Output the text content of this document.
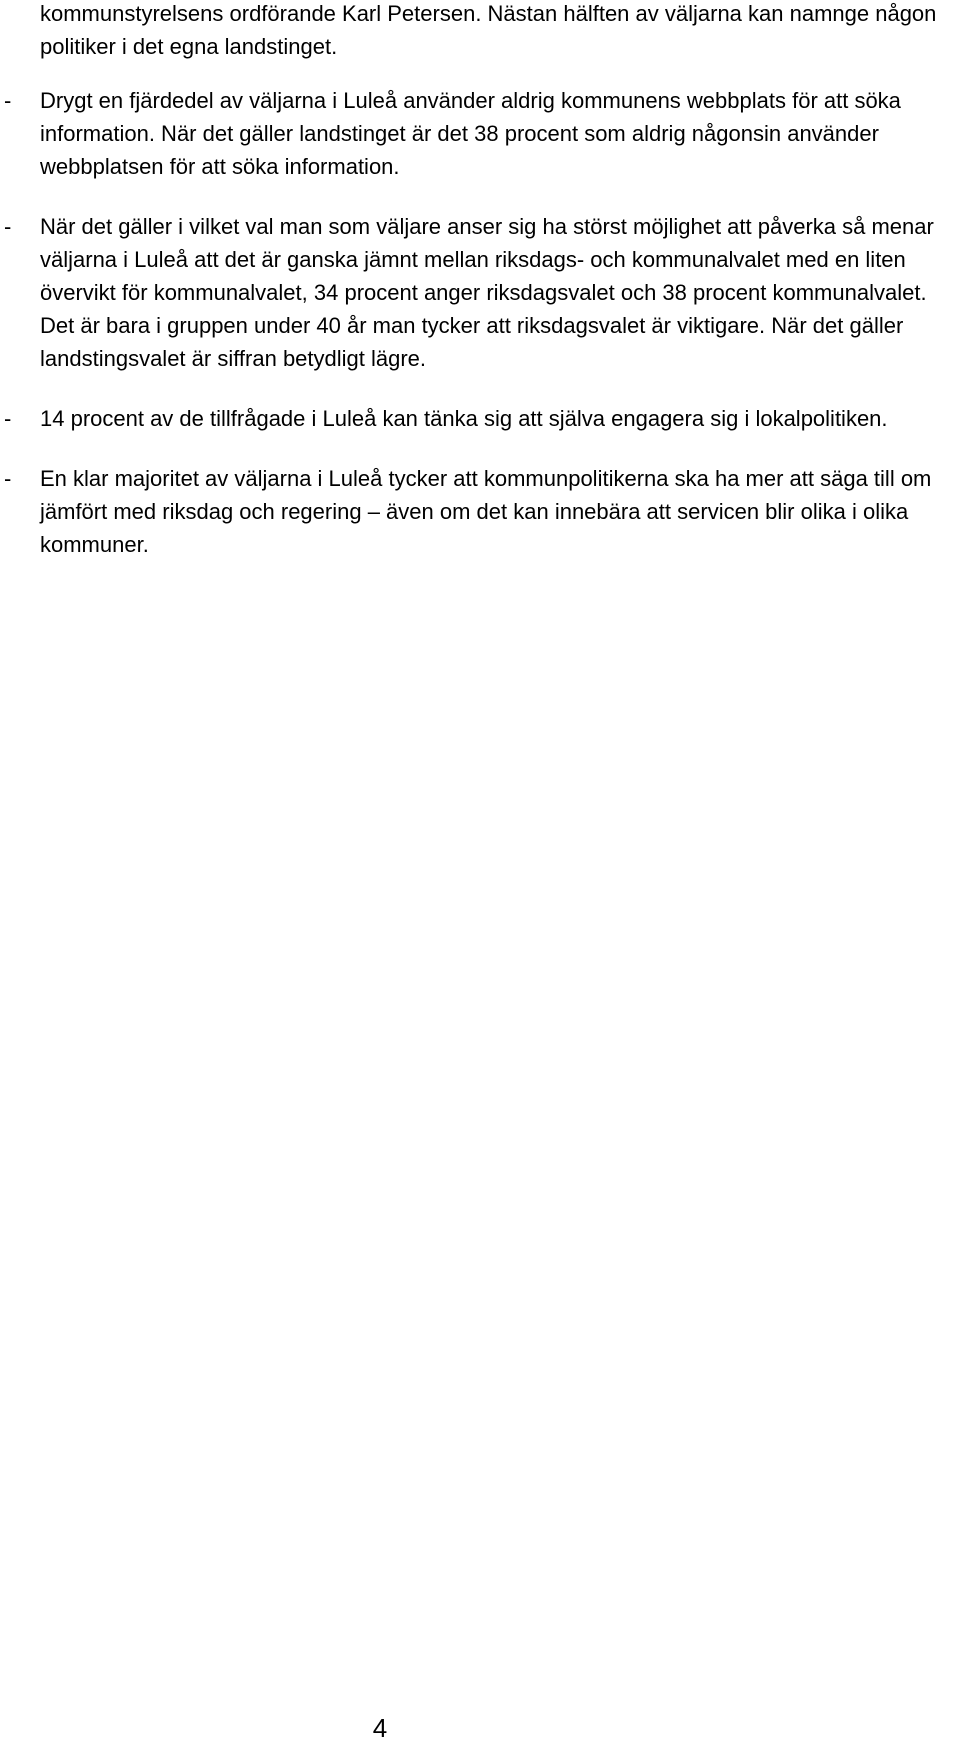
kommunstyrelsens ordförande Karl Petersen. Nästan hälften av väljarna kan namnge någon politiker i det egna landstinget.

-	Drygt en fjärdedel av väljarna i Luleå använder aldrig kommunens webbplats för att söka information. När det gäller landstinget är det 38 procent som aldrig någonsin använder webbplatsen för att söka information.
-	När det gäller i vilket val man som väljare anser sig ha störst möjlighet att påverka så menar väljarna i Luleå att det är ganska jämnt mellan riksdags- och kommunalvalet med en liten övervikt för kommunalvalet, 34 procent anger riksdagsvalet och 38 procent kommunalvalet. Det är bara i gruppen under 40 år man tycker att riksdagsvalet är viktigare. När det gäller landstingsvalet är siffran betydligt lägre.
-	14 procent av de tillfrågade i Luleå kan tänka sig att själva engagera sig i lokalpolitiken.
-	En klar majoritet av väljarna i Luleå tycker att kommunpolitikerna ska ha mer att säga till om jämfört med riksdag och regering – även om det kan innebära att servicen blir olika i olika kommuner.
4
